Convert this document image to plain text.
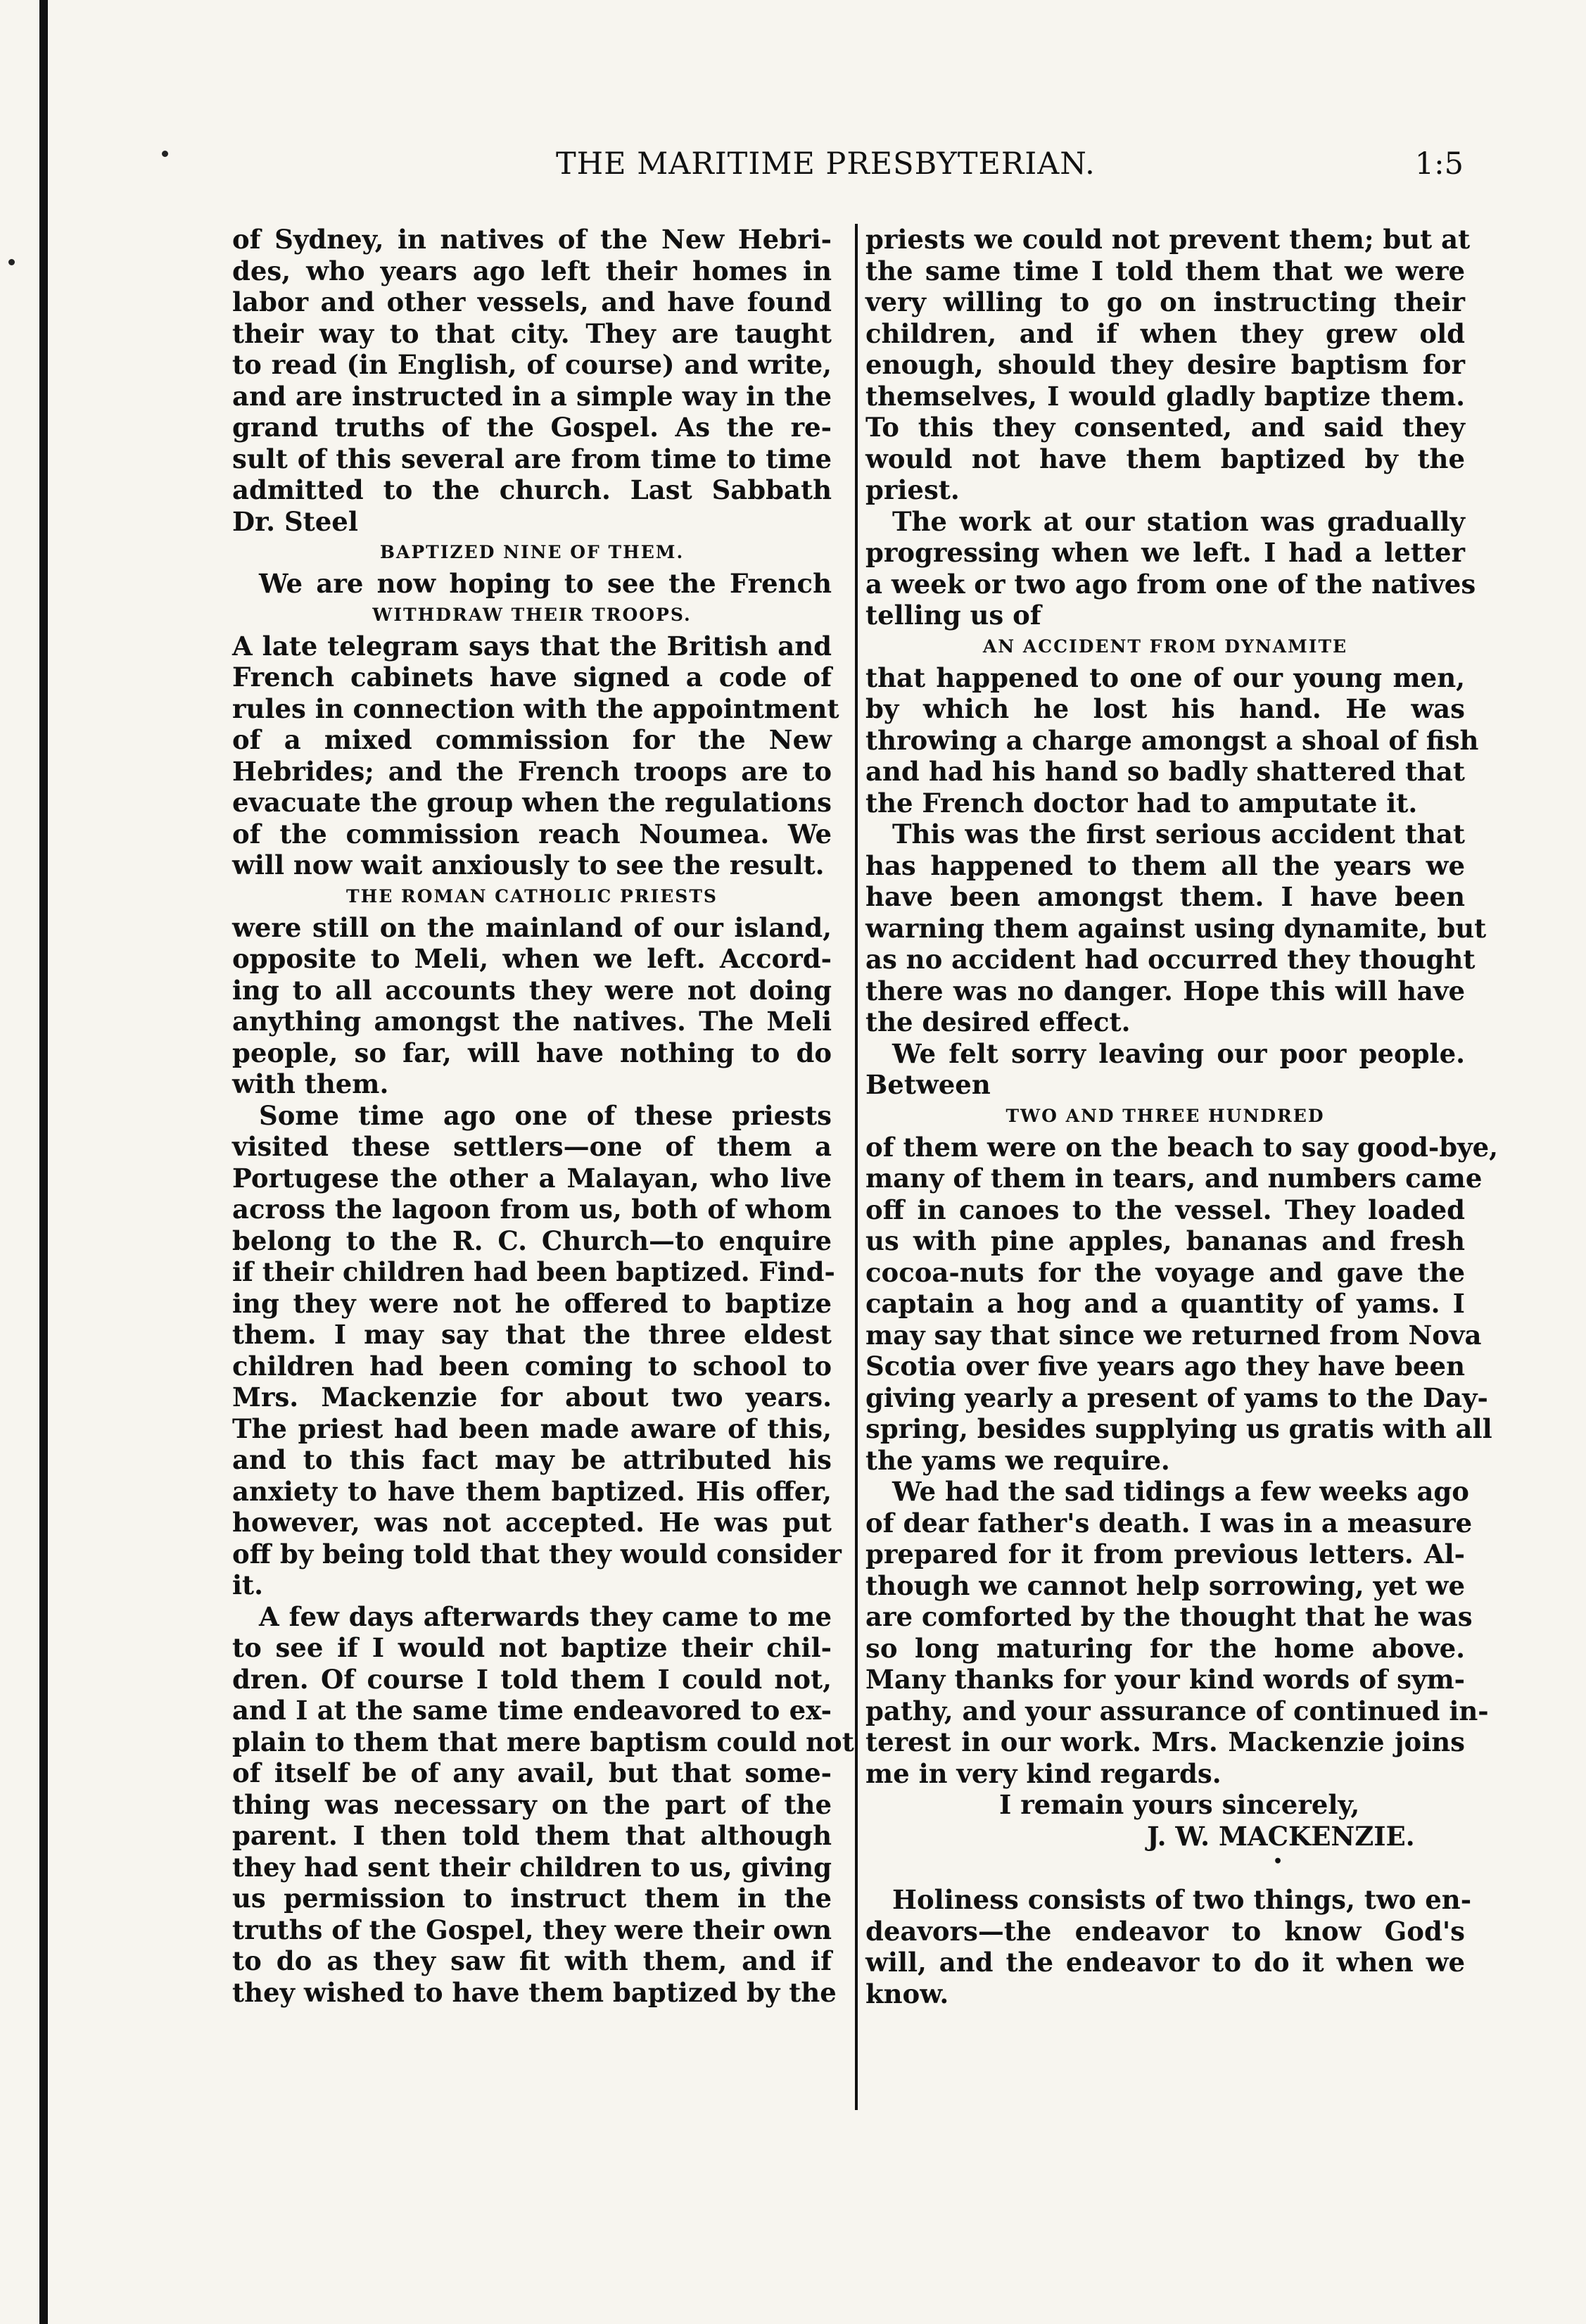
THE MARITIME PRESBYTERIAN.	1:5
of Sydney, in natives of the New Hebri-
des, who years ago left their homes in
labor and other vessels, and have found
their way to that city. They are taught
to read (in English, of course) and write,
and are instructed in a simple way in the
grand truths of the Gospel. As the re-
sult of this several are from time to time
admitted to the church. Last Sabbath
Dr. Steel
BAPTIZED NINE OF THEM.
We are now hoping to see the French
WITHDRAW THEIR TROOPS.
A late telegram says that the British and
French cabinets have signed a code of
rules in connection with the appointment
of a mixed commission for the New
Hebrides; and the French troops are to
evacuate the group when the regulations
of the commission reach Noumea. We
will now wait anxiously to see the result.
THE ROMAN CATHOLIC PRIESTS
were still on the mainland of our island,
opposite to Meli, when we left. Accord-
ing to all accounts they were not doing
anything amongst the natives. The Meli
people, so far, will have nothing to do
with them.
Some time ago one of these priests
visited these settlers—one of them a
Portugese the other a Malayan, who live
across the lagoon from us, both of whom
belong to the R. C. Church—to enquire
if their children had been baptized. Find-
ing they were not he offered to baptize
them. I may say that the three eldest
children had been coming to school to
Mrs. Mackenzie for about two years.
The priest had been made aware of this,
and to this fact may be attributed his
anxiety to have them baptized. His offer,
however, was not accepted. He was put
off by being told that they would consider
it.
A few days afterwards they came to me
to see if I would not baptize their chil-
dren. Of course I told them I could not,
and I at the same time endeavored to ex-
plain to them that mere baptism could not
of itself be of any avail, but that some-
thing was necessary on the part of the
parent. I then told them that although
they had sent their children to us, giving
us permission to instruct them in the
truths of the Gospel, they were their own
to do as they saw fit with them, and if
they wished to have them baptized by the
priests we could not prevent them; but at
the same time I told them that we were
very willing to go on instructing their
children, and if when they grew old
enough, should they desire baptism for
themselves, I would gladly baptize them.
To this they consented, and said they
would not have them baptized by the
priest.
The work at our station was gradually
progressing when we left. I had a letter
a week or two ago from one of the natives
telling us of
AN ACCIDENT FROM DYNAMITE
that happened to one of our young men,
by which he lost his hand. He was
throwing a charge amongst a shoal of fish
and had his hand so badly shattered that
the French doctor had to amputate it.
This was the first serious accident that
has happened to them all the years we
have been amongst them. I have been
warning them against using dynamite, but
as no accident had occurred they thought
there was no danger. Hope this will have
the desired effect.
We felt sorry leaving our poor people.
Between
TWO AND THREE HUNDRED
of them were on the beach to say good-bye,
many of them in tears, and numbers came
off in canoes to the vessel. They loaded
us with pine apples, bananas and fresh
cocoa-nuts for the voyage and gave the
captain a hog and a quantity of yams. I
may say that since we returned from Nova
Scotia over five years ago they have been
giving yearly a present of yams to the Day-
spring, besides supplying us gratis with all
the yams we require.
We had the sad tidings a few weeks ago
of dear father's death. I was in a measure
prepared for it from previous letters. Al-
though we cannot help sorrowing, yet we
are comforted by the thought that he was
so long maturing for the home above.
Many thanks for your kind words of sym-
pathy, and your assurance of continued in-
terest in our work. Mrs. Mackenzie joins
me in very kind regards.
I remain yours sincerely,
J. W. MACKENZIE.
•
Holiness consists of two things, two en-
deavors—the endeavor to know God's
will, and the endeavor to do it when we
know.
